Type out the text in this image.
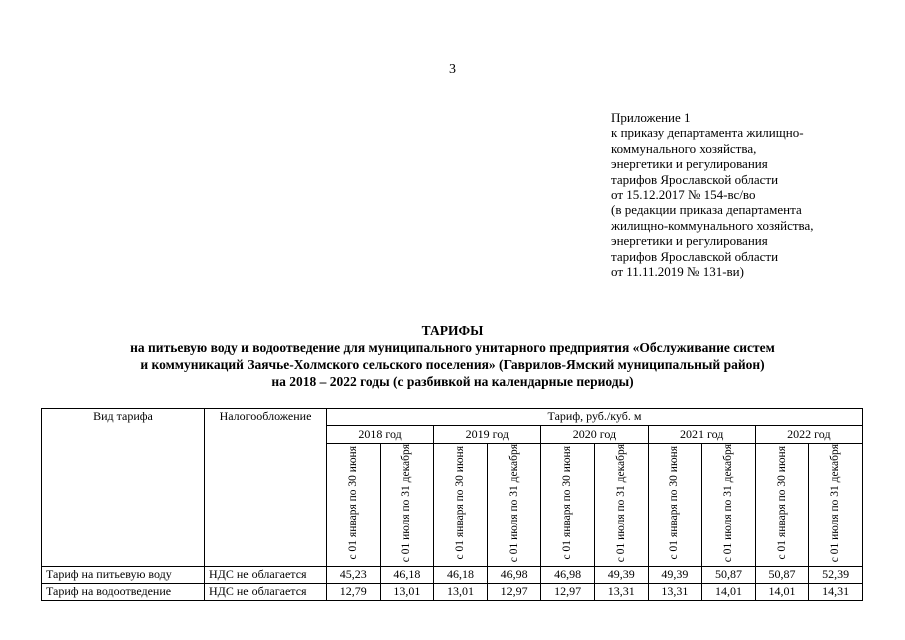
3
Приложение 1
к приказу департамента жилищно-
коммунального хозяйства,
энергетики и регулирования
тарифов Ярославской области
от 15.12.2017 № 154-вс/во
(в редакции приказа департамента
жилищно-коммунального хозяйства,
энергетики и регулирования
тарифов Ярославской области
от 11.11.2019 № 131-ви)
ТАРИФЫ
на питьевую воду и водоотведение для муниципального унитарного предприятия «Обслуживание систем
и коммуникаций Заячье-Холмского сельского поселения» (Гаврилов-Ямский муниципальный район)
на 2018 – 2022 годы (с разбивкой на календарные периоды)
Вид тарифа	Налогообложение	Тариф, руб./куб. м									
		2018 год		2019 год		2020 год		2021 год		2022 год	
		с 01 января по 30 июня	с 01 июля по 31 декабря	с 01 января по 30 июня	с 01 июля по 31 декабря	с 01 января по 30 июня	с 01 июля по 31 декабря	с 01 января по 30 июня	с 01 июля по 31 декабря	с 01 января по 30 июня	с 01 июля по 31 декабря
Тариф на питьевую воду	НДС не облагается	45,23	46,18	46,18	46,98	46,98	49,39	49,39	50,87	50,87	52,39
Тариф на водоотведение	НДС не облагается	12,79	13,01	13,01	12,97	12,97	13,31	13,31	14,01	14,01	14,31
